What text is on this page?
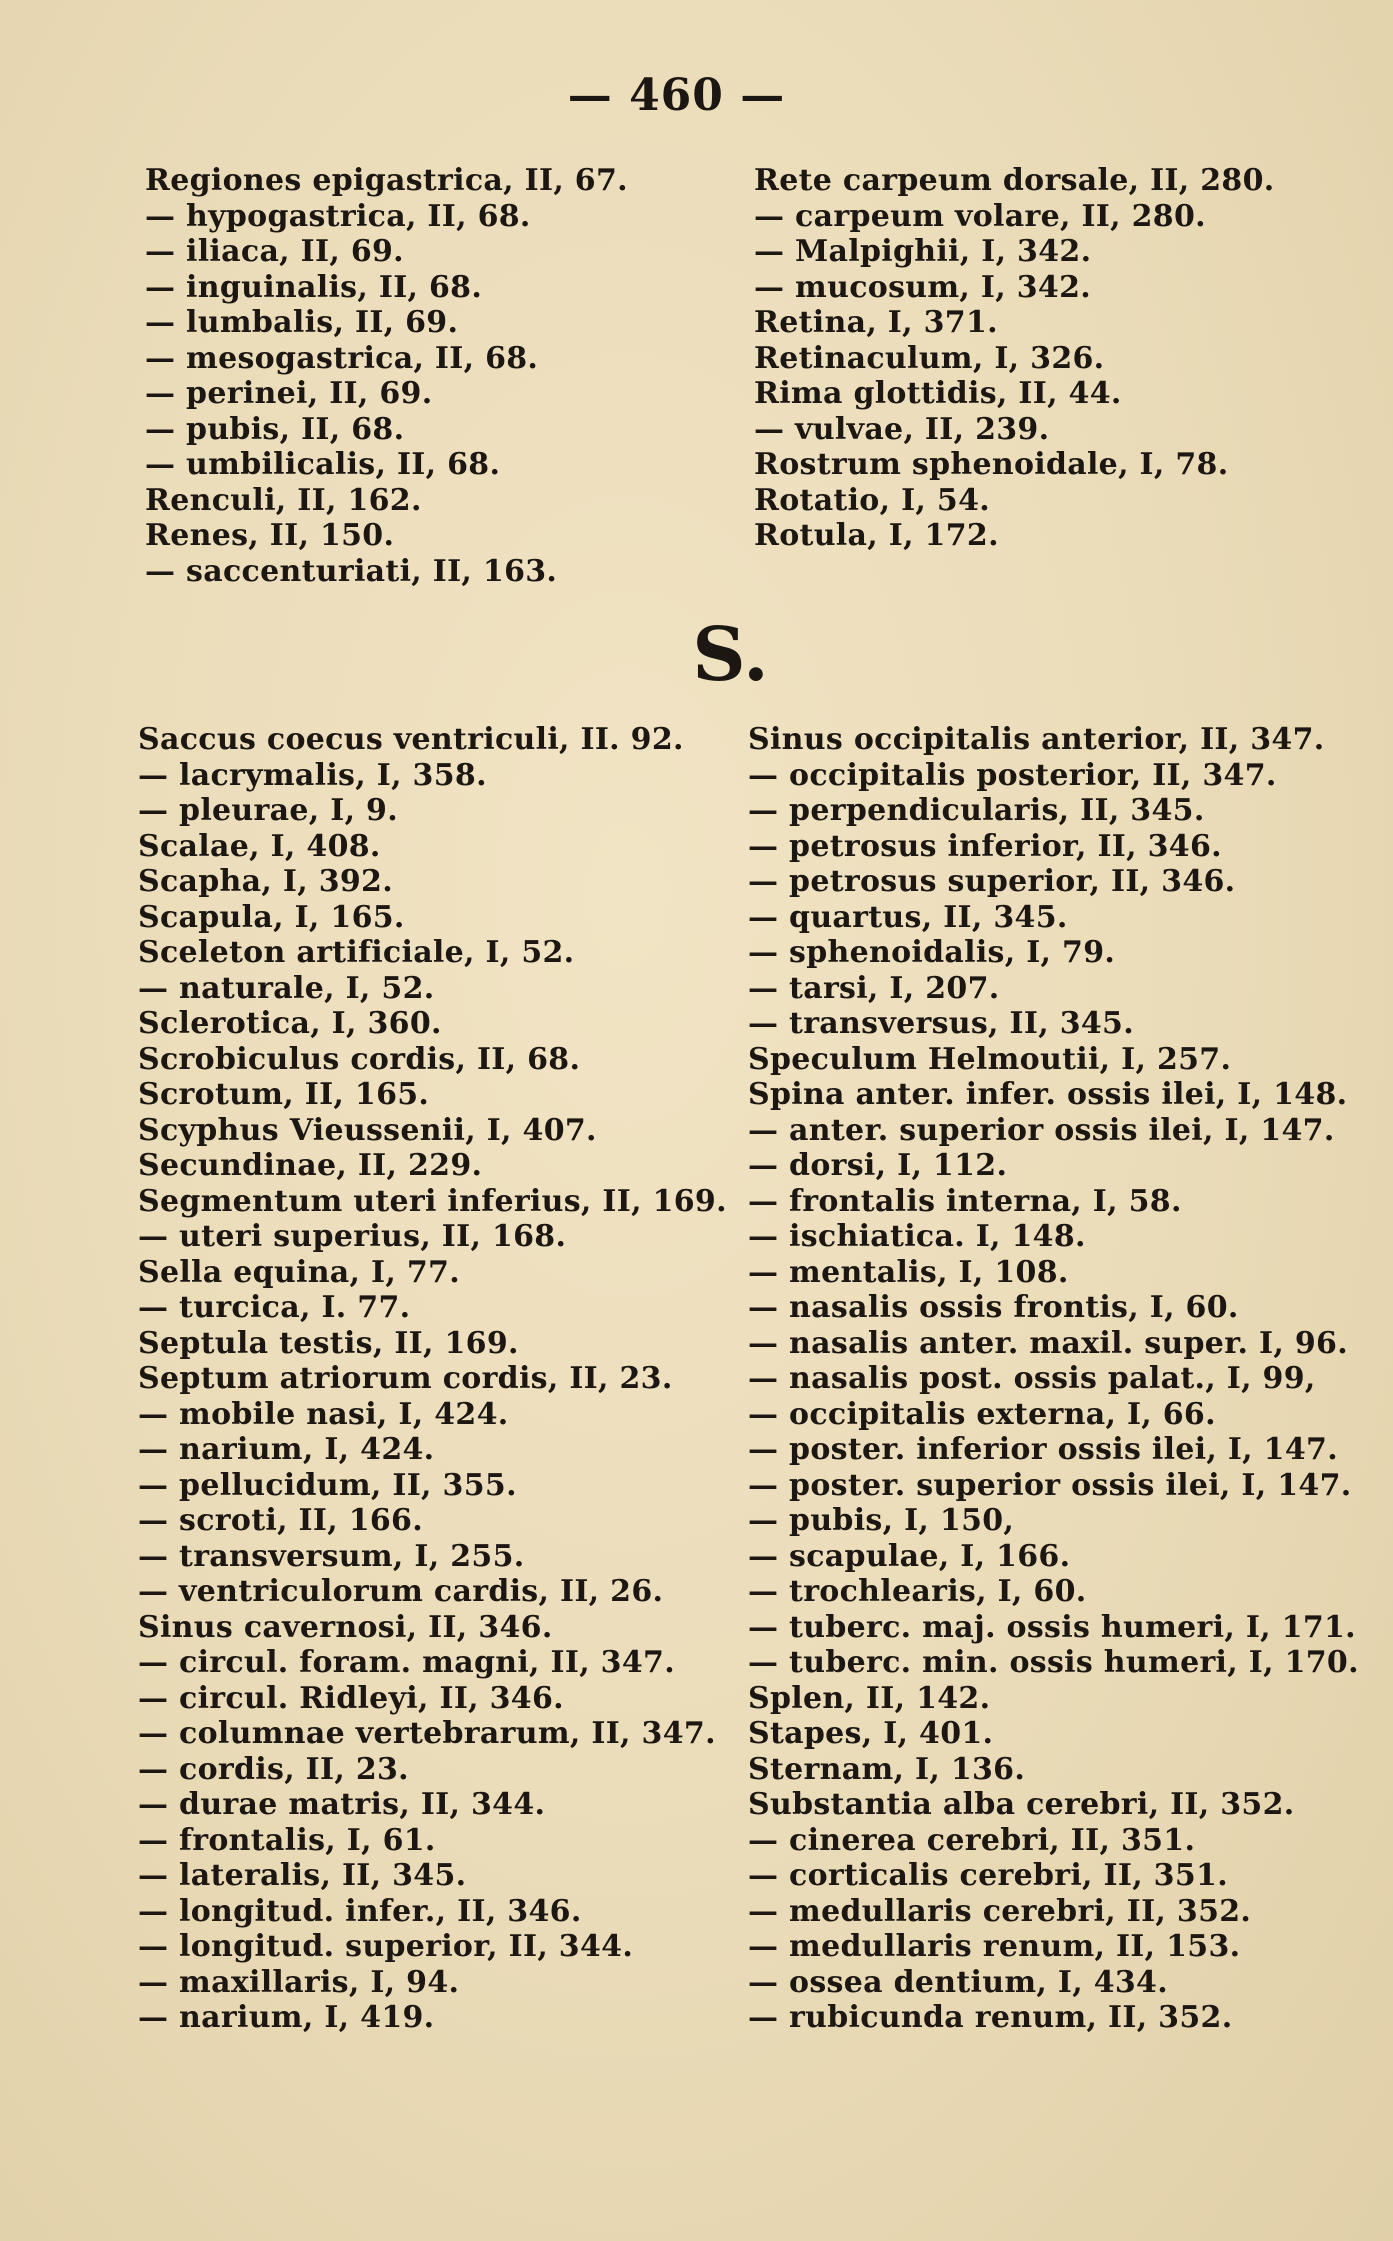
— 460 —
Regiones epigastrica, II, 67.
— hypogastrica, II, 68.
— iliaca, II, 69.
— inguinalis, II, 68.
— lumbalis, II, 69.
— mesogastrica, II, 68.
— perinei, II, 69.
— pubis, II, 68.
— umbilicalis, II, 68.
Renculi, II, 162.
Renes, II, 150.
— saccenturiati, II, 163.
Rete carpeum dorsale, II, 280.
— carpeum volare, II, 280.
— Malpighii, I, 342.
— mucosum, I, 342.
Retina, I, 371.
Retinaculum, I, 326.
Rima glottidis, II, 44.
— vulvae, II, 239.
Rostrum sphenoidale, I, 78.
Rotatio, I, 54.
Rotula, I, 172.
S.
Saccus coecus ventriculi, II. 92.
— lacrymalis, I, 358.
— pleurae, I, 9.
Scalae, I, 408.
Scapha, I, 392.
Scapula, I, 165.
Sceleton artificiale, I, 52.
— naturale, I, 52.
Sclerotica, I, 360.
Scrobiculus cordis, II, 68.
Scrotum, II, 165.
Scyphus Vieussenii, I, 407.
Secundinae, II, 229.
Segmentum uteri inferius, II, 169.
— uteri superius, II, 168.
Sella equina, I, 77.
— turcica, I. 77.
Septula testis, II, 169.
Septum atriorum cordis, II, 23.
— mobile nasi, I, 424.
— narium, I, 424.
— pellucidum, II, 355.
— scroti, II, 166.
— transversum, I, 255.
— ventriculorum cardis, II, 26.
Sinus cavernosi, II, 346.
— circul. foram. magni, II, 347.
— circul. Ridleyi, II, 346.
— columnae vertebrarum, II, 347.
— cordis, II, 23.
— durae matris, II, 344.
— frontalis, I, 61.
— lateralis, II, 345.
— longitud. infer., II, 346.
— longitud. superior, II, 344.
— maxillaris, I, 94.
— narium, I, 419.
Sinus occipitalis anterior, II, 347.
— occipitalis posterior, II, 347.
— perpendicularis, II, 345.
— petrosus inferior, II, 346.
— petrosus superior, II, 346.
— quartus, II, 345.
— sphenoidalis, I, 79.
— tarsi, I, 207.
— transversus, II, 345.
Speculum Helmoutii, I, 257.
Spina anter. infer. ossis ilei, I, 148.
— anter. superior ossis ilei, I, 147.
— dorsi, I, 112.
— frontalis interna, I, 58.
— ischiatica. I, 148.
— mentalis, I, 108.
— nasalis ossis frontis, I, 60.
— nasalis anter. maxil. super. I, 96.
— nasalis post. ossis palat., I, 99,
— occipitalis externa, I, 66.
— poster. inferior ossis ilei, I, 147.
— poster. superior ossis ilei, I, 147.
— pubis, I, 150,
— scapulae, I, 166.
— trochlearis, I, 60.
— tuberc. maj. ossis humeri, I, 171.
— tuberc. min. ossis humeri, I, 170.
Splen, II, 142.
Stapes, I, 401.
Sternam, I, 136.
Substantia alba cerebri, II, 352.
— cinerea cerebri, II, 351.
— corticalis cerebri, II, 351.
— medullaris cerebri, II, 352.
— medullaris renum, II, 153.
— ossea dentium, I, 434.
— rubicunda renum, II, 352.
